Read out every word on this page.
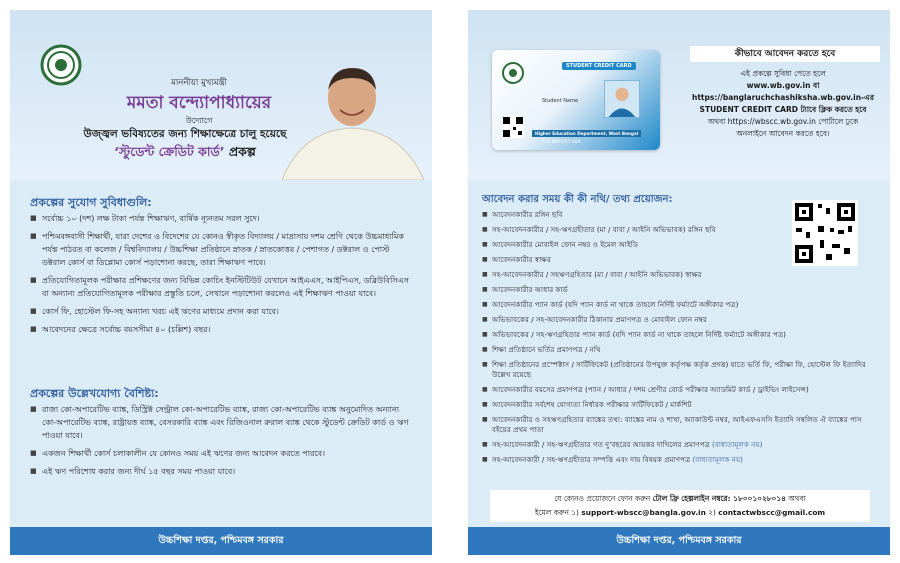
মাননীয়া মুখ্যমন্ত্রী
মমতা বন্দ্যোপাধ্যায়ের
উদ্যোগে
উজ্জ্বল ভবিষ্যতের জন্য শিক্ষাক্ষেত্রে চালু হয়েছে
‘স্টুডেন্ট ক্রেডিট কার্ড’ প্রকল্প
প্রকল্পের সুযোগ সুবিধাগুলি:
■ সর্বোচ্চ ১০ (দশ) লক্ষ টাকা পর্যন্ত শিক্ষাঋণ, বার্ষিক ন্যূনতম সরল সুদে।
■ পশ্চিমবঙ্গবাসী শিক্ষার্থী, যারা দেশের ও বিদেশের যে কোনও স্বীকৃত বিদ্যালয় / মাদ্রাসায় দশম শ্রেণি থেকে উচ্চমাধ্যমিক পর্যন্ত পাঠরত বা কলেজ / বিশ্ববিদ্যালয় / উচ্চশিক্ষা প্রতিষ্ঠানে স্নাতক / স্নাতকোত্তর / পেশাগত / ডক্টরাল ও পোস্ট ডক্টরাল কোর্স বা ডিপ্লোমা কোর্স পড়াশোনা করছে, তারা শিক্ষাঋণ পাবে।
■ প্রতিযোগিতামূলক পরীক্ষার প্রশিক্ষণের জন্য বিভিন্ন কোচিং ইনস্টিটিউট যেখানে আইএএস, আইপিএস, ডব্লিউবিসিএস বা অন্যান্য প্রতিযোগিতামূলক পরীক্ষার প্রস্তুতি চলে, সেখানে পড়াশোনা করলেও এই শিক্ষাঋণ পাওয়া যাবে।
■ কোর্স ফি, হোস্টেল ফি-সহ অন্যান্য খরচ এই ঋণের মাধ্যমে প্রদান করা যাবে।
■ আবেদনের ক্ষেত্রে সর্বোচ্চ বয়সসীমা ৪০ (চল্লিশ) বছর।
প্রকল্পের উল্লেখযোগ্য বৈশিষ্ট্য:
■ রাজ্য কো-অপারেটিভ ব্যাঙ্ক, ডিস্ট্রিক্ট সেন্ট্রাল কো-অপারেটিভ ব্যাঙ্ক, রাজ্য কো-অপারেটিভ ব্যাঙ্ক অনুমোদিত অন্যান্য কো-অপারেটিভ ব্যাঙ্ক, রাষ্ট্রায়ত্ত ব্যাঙ্ক, বেসরকারি ব্যাঙ্ক এবং রিজিওনাল রুরাল ব্যাঙ্ক থেকে স্টুডেন্ট ক্রেডিট কার্ড ও ঋণ পাওয়া যাবে।
■ একজন শিক্ষার্থী কোর্স চলাকালীন যে কোনও সময় এই ঋণের জন্য আবেদন করতে পারবে।
■ এই ঋণ পরিশোধ করার জন্য দীর্ঘ ১৫ বছর সময় পাওয়া যাবে।
উচ্চশিক্ষা দপ্তর, পশ্চিমবঙ্গ সরকার
STUDENT CREDIT CARD
Student Name
Higher Education Department, West Bengal
123 800 057 489
কীভাবে আবেদন করতে হবে
এই প্রকল্পে সুবিধা পেতে হলে

www.wb.gov.in বা
https://banglaruchchashiksha.wb.gov.in-এর
STUDENT CREDIT CARD ট্যাবে ক্লিক করতে হবে
অথবা https://wbscc.wb.gov.in পোর্টালে ঢুকে
অনলাইনে আবেদন করতে হবে।
আবেদন করার সময় কী কী নথি/ তথ্য প্রয়োজন:
■ আবেদনকারীর রঙ্গিন ছবি
■ সহ-আবেদনকারীর / সহ-ঋণগ্রহীতার (মা / বাবা / আইনি অভিভাবক) রঙ্গিন ছবি
■ আবেদনকারীর মোবাইল ফোন নম্বর ও ইমেল আইডি
■ আবেদনকারীর স্বাক্ষর
■ সহ-আবেদনকারীর / সহঋণগ্রহিতার (মা / বাবা / আইনি অভিভাবক) স্বাক্ষর
■ আবেদনকারীর আধার কার্ড
■ আবেদনকারীর প্যান কার্ড (যদি প্যান কার্ড না থাকে তাহলে নির্দিষ্ট ফর্ম্যাটে অঙ্গীকার পত্র)
■ অভিভাবকের / সহ-আবেদনকারীর ঠিকানার প্রমাণপত্র ও মোবাইল ফোন নম্বর
■ অভিভাবকের / সহ-ঋণগ্রহিতার প্যান কার্ড (যদি প্যান কার্ড না থাকে তাহলে নির্দিষ্ট ফর্ম্যাটে অঙ্গীকার পত্র)
■ শিক্ষা প্রতিষ্ঠানে ভর্তির প্রমাণপত্র / নথি
■ শিক্ষা প্রতিষ্ঠানের প্রস্পেক্টাস / সার্টিফিকেট (প্রতিষ্ঠানের উপযুক্ত কর্তৃপক্ষ কর্তৃক প্রদত্ত) যাতে ভর্তি ফি, পরীক্ষা ফি, হোস্টেল ফি ইত্যাদির উল্লেখ রয়েছে
■ আবেদনকারীর বয়সের প্রমাণপত্র (প্যান / আধার / দশম শ্রেণীর বোর্ড পরীক্ষার অ্যাডমিট কার্ড / ড্রাইভিং লাইসেন্স)
■ আবেদনকারীর সর্বশেষ যোগ্যতা নির্ধারক পরীক্ষার সার্টিফিকেট / মার্কশিট
■ আবেদনকারীর ও সহঋণগ্রহিতার ব্যাঙ্কের তথ্য: ব্যাঙ্কের নাম ও শাখা, অ্যাকাউন্ট নম্বর, আইএফএসসি ইত্যাদি সম্বলিত ঐ ব্যাঙ্কের পাস বইয়ের প্রথম পাতা
■ সহ-আবেদনকারী / সহ-ঋণগ্রহীতার গত দু’বছরের আয়কর দাখিলের প্রমাণপত্র (বাধ্যতামূলক নয়)
■ সহ-আবেদনকারী / সহ-ঋণগ্রহীতার সম্পত্তি এবং দায় বিষয়ক প্রমাণপত্র (বাধ্যতামূলক নয়)
যে কোনও প্রয়োজনে ফোন করুন টোল ফ্রি হেল্পলাইন নম্বরে: ১৮০০১০২৮০১৪ অথবা
ইমেল করুন ১) support-wbscc@bangla.gov.in ২) contactwbscc@gmail.com
উচ্চশিক্ষা দপ্তর, পশ্চিমবঙ্গ সরকার
